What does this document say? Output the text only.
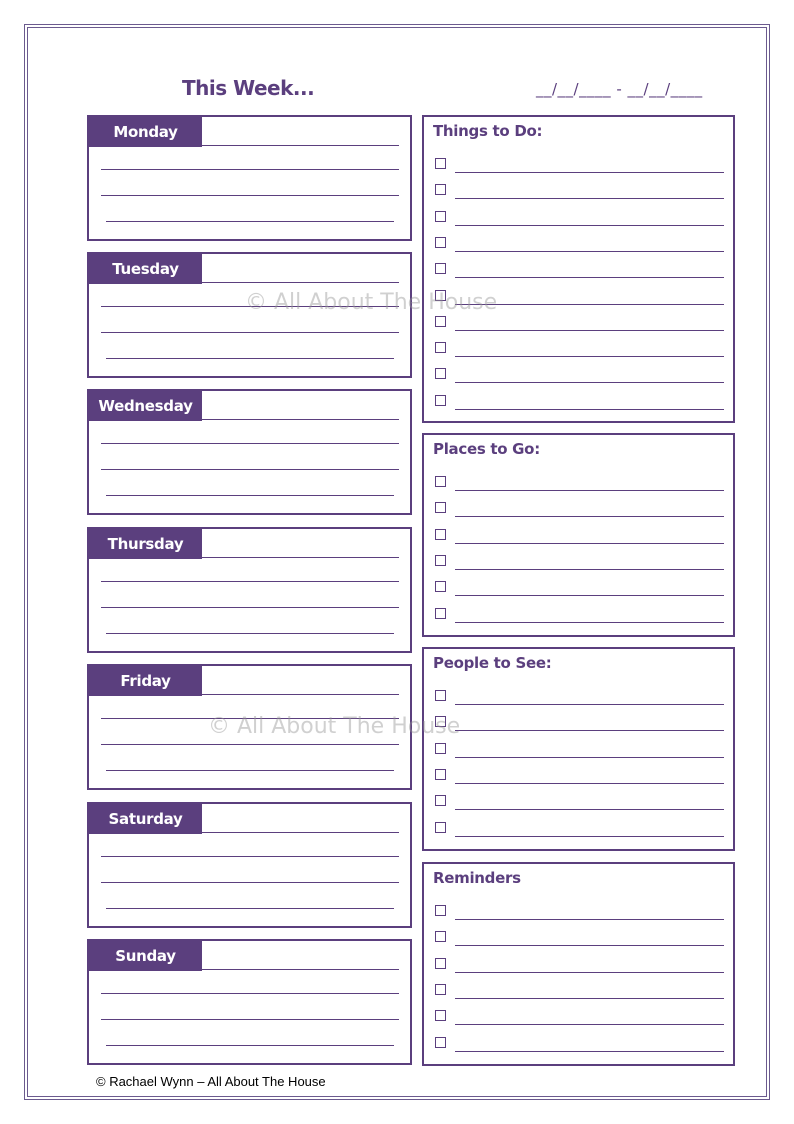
This Week...	__/__/____ - __/__/____
Monday
Tuesday
Wednesday
Thursday
Friday
Saturday
Sunday
Things to Do:
Places to Go:
People to See:
Reminders
© All About The House
© All About The House
© Rachael Wynn – All About The House
